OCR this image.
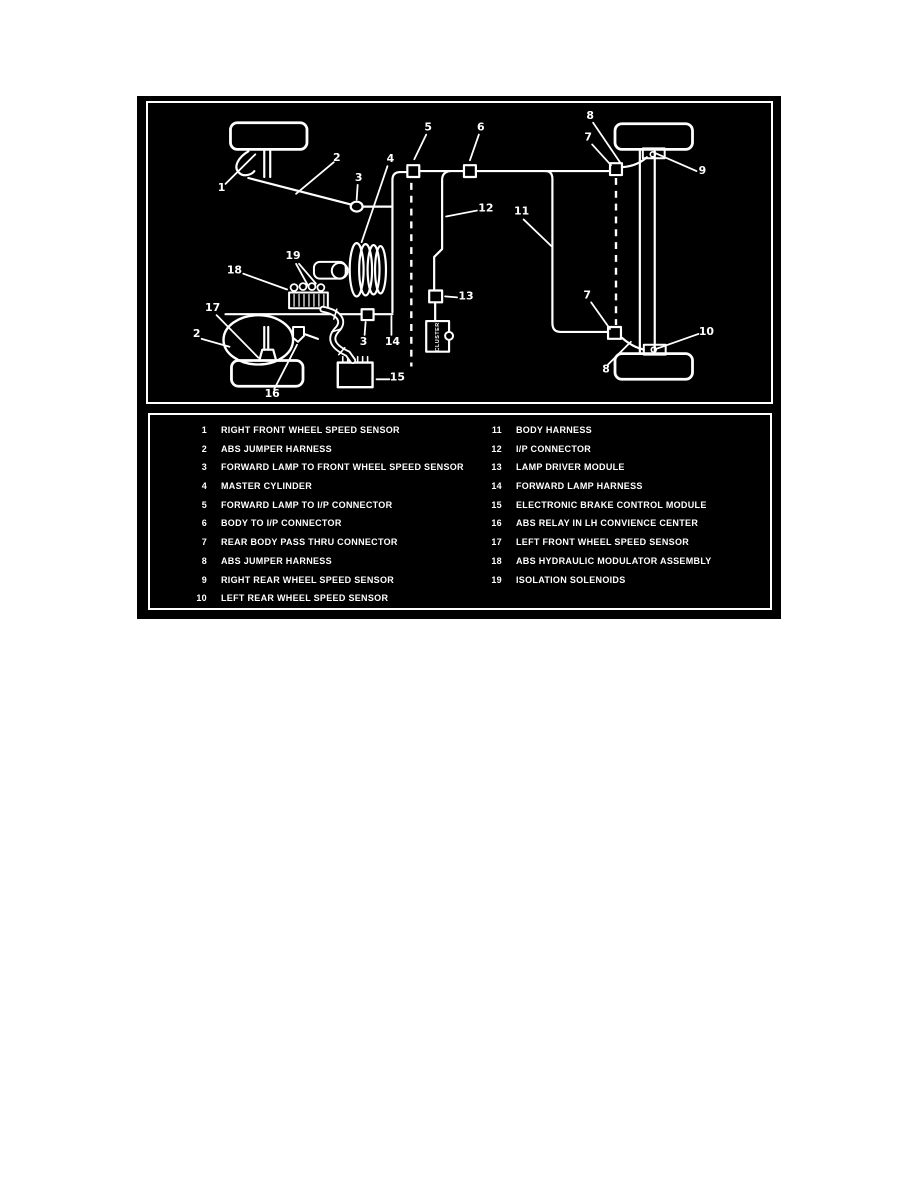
CLUSTER
1
2
3
4
5	6
8
7
9
12 11
13	7
10
8
19
18
17
2
16
3 14
15
1 RIGHT FRONT WHEEL SPEED SENSOR
2 ABS JUMPER HARNESS
3 FORWARD LAMP TO FRONT WHEEL SPEED SENSOR
4 MASTER CYLINDER
5 FORWARD LAMP TO I/P CONNECTOR
6 BODY TO I/P CONNECTOR
7 REAR BODY PASS THRU CONNECTOR
8 ABS JUMPER HARNESS
9 RIGHT REAR WHEEL SPEED SENSOR
10 LEFT REAR WHEEL SPEED SENSOR
11 BODY HARNESS
12 I/P CONNECTOR
13 LAMP DRIVER MODULE
14 FORWARD LAMP HARNESS
15 ELECTRONIC BRAKE CONTROL MODULE
16 ABS RELAY IN LH CONVIENCE CENTER
17 LEFT FRONT WHEEL SPEED SENSOR
18 ABS HYDRAULIC MODULATOR ASSEMBLY
19 ISOLATION SOLENOIDS
